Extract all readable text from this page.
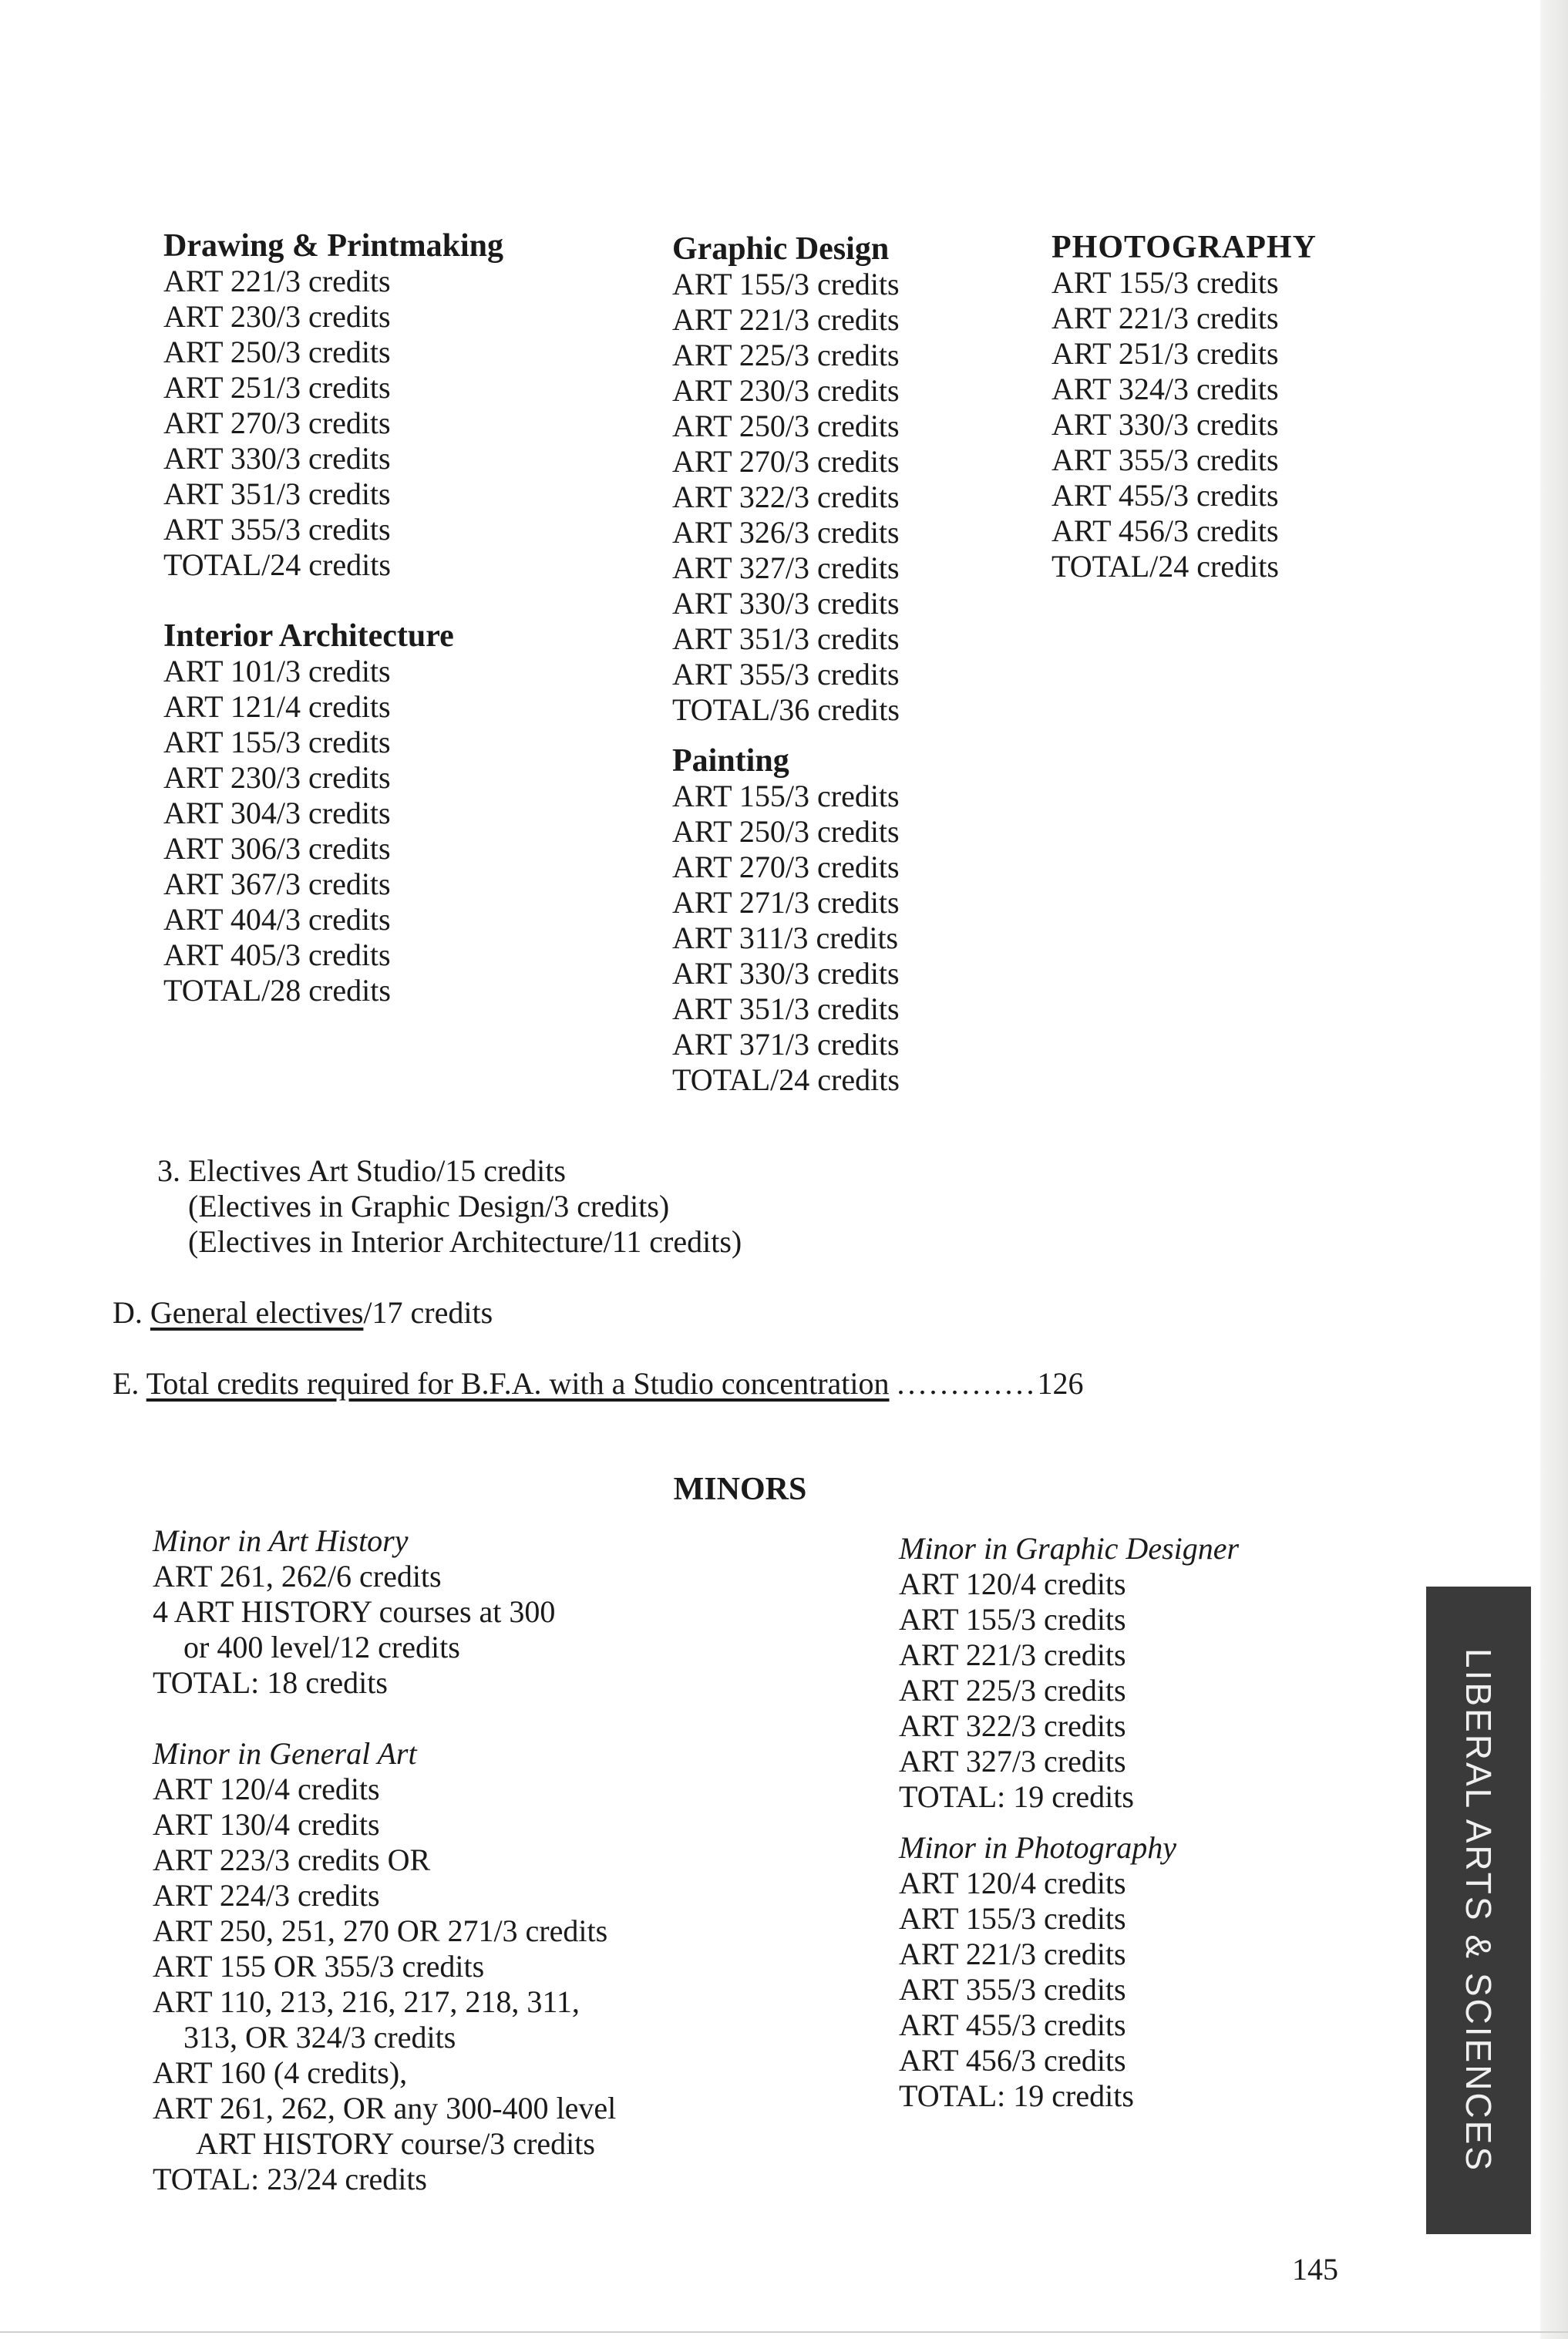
Drawing & Printmaking
ART 221/3 credits
ART 230/3 credits
ART 250/3 credits
ART 251/3 credits
ART 270/3 credits
ART 330/3 credits
ART 351/3 credits
ART 355/3 credits
TOTAL/24 credits
Interior Architecture
ART 101/3 credits
ART 121/4 credits
ART 155/3 credits
ART 230/3 credits
ART 304/3 credits
ART 306/3 credits
ART 367/3 credits
ART 404/3 credits
ART 405/3 credits
TOTAL/28 credits
Graphic Design
ART 155/3 credits
ART 221/3 credits
ART 225/3 credits
ART 230/3 credits
ART 250/3 credits
ART 270/3 credits
ART 322/3 credits
ART 326/3 credits
ART 327/3 credits
ART 330/3 credits
ART 351/3 credits
ART 355/3 credits
TOTAL/36 credits
Painting
ART 155/3 credits
ART 250/3 credits
ART 270/3 credits
ART 271/3 credits
ART 311/3 credits
ART 330/3 credits
ART 351/3 credits
ART 371/3 credits
TOTAL/24 credits
PHOTOGRAPHY
ART 155/3 credits
ART 221/3 credits
ART 251/3 credits
ART 324/3 credits
ART 330/3 credits
ART 355/3 credits
ART 455/3 credits
ART 456/3 credits
TOTAL/24 credits
3. Electives Art Studio/15 credits
(Electives in Graphic Design/3 credits)
(Electives in Interior Architecture/11 credits)
D. General electives/17 credits
E. Total credits required for B.F.A. with a Studio concentration .............126
MINORS
Minor in Art History
ART 261, 262/6 credits
4 ART HISTORY courses at 300
or 400 level/12 credits
TOTAL: 18 credits
Minor in General Art
ART 120/4 credits
ART 130/4 credits
ART 223/3 credits OR
ART 224/3 credits
ART 250, 251, 270 OR 271/3 credits
ART 155 OR 355/3 credits
ART 110, 213, 216, 217, 218, 311,
313, OR 324/3 credits
ART 160 (4 credits),
ART 261, 262, OR any 300-400 level
ART HISTORY course/3 credits
TOTAL: 23/24 credits
Minor in Graphic Designer
ART 120/4 credits
ART 155/3 credits
ART 221/3 credits
ART 225/3 credits
ART 322/3 credits
ART 327/3 credits
TOTAL: 19 credits
Minor in Photography
ART 120/4 credits
ART 155/3 credits
ART 221/3 credits
ART 355/3 credits
ART 455/3 credits
ART 456/3 credits
TOTAL: 19 credits	LIBERAL ARTS & SCIENCES
145
